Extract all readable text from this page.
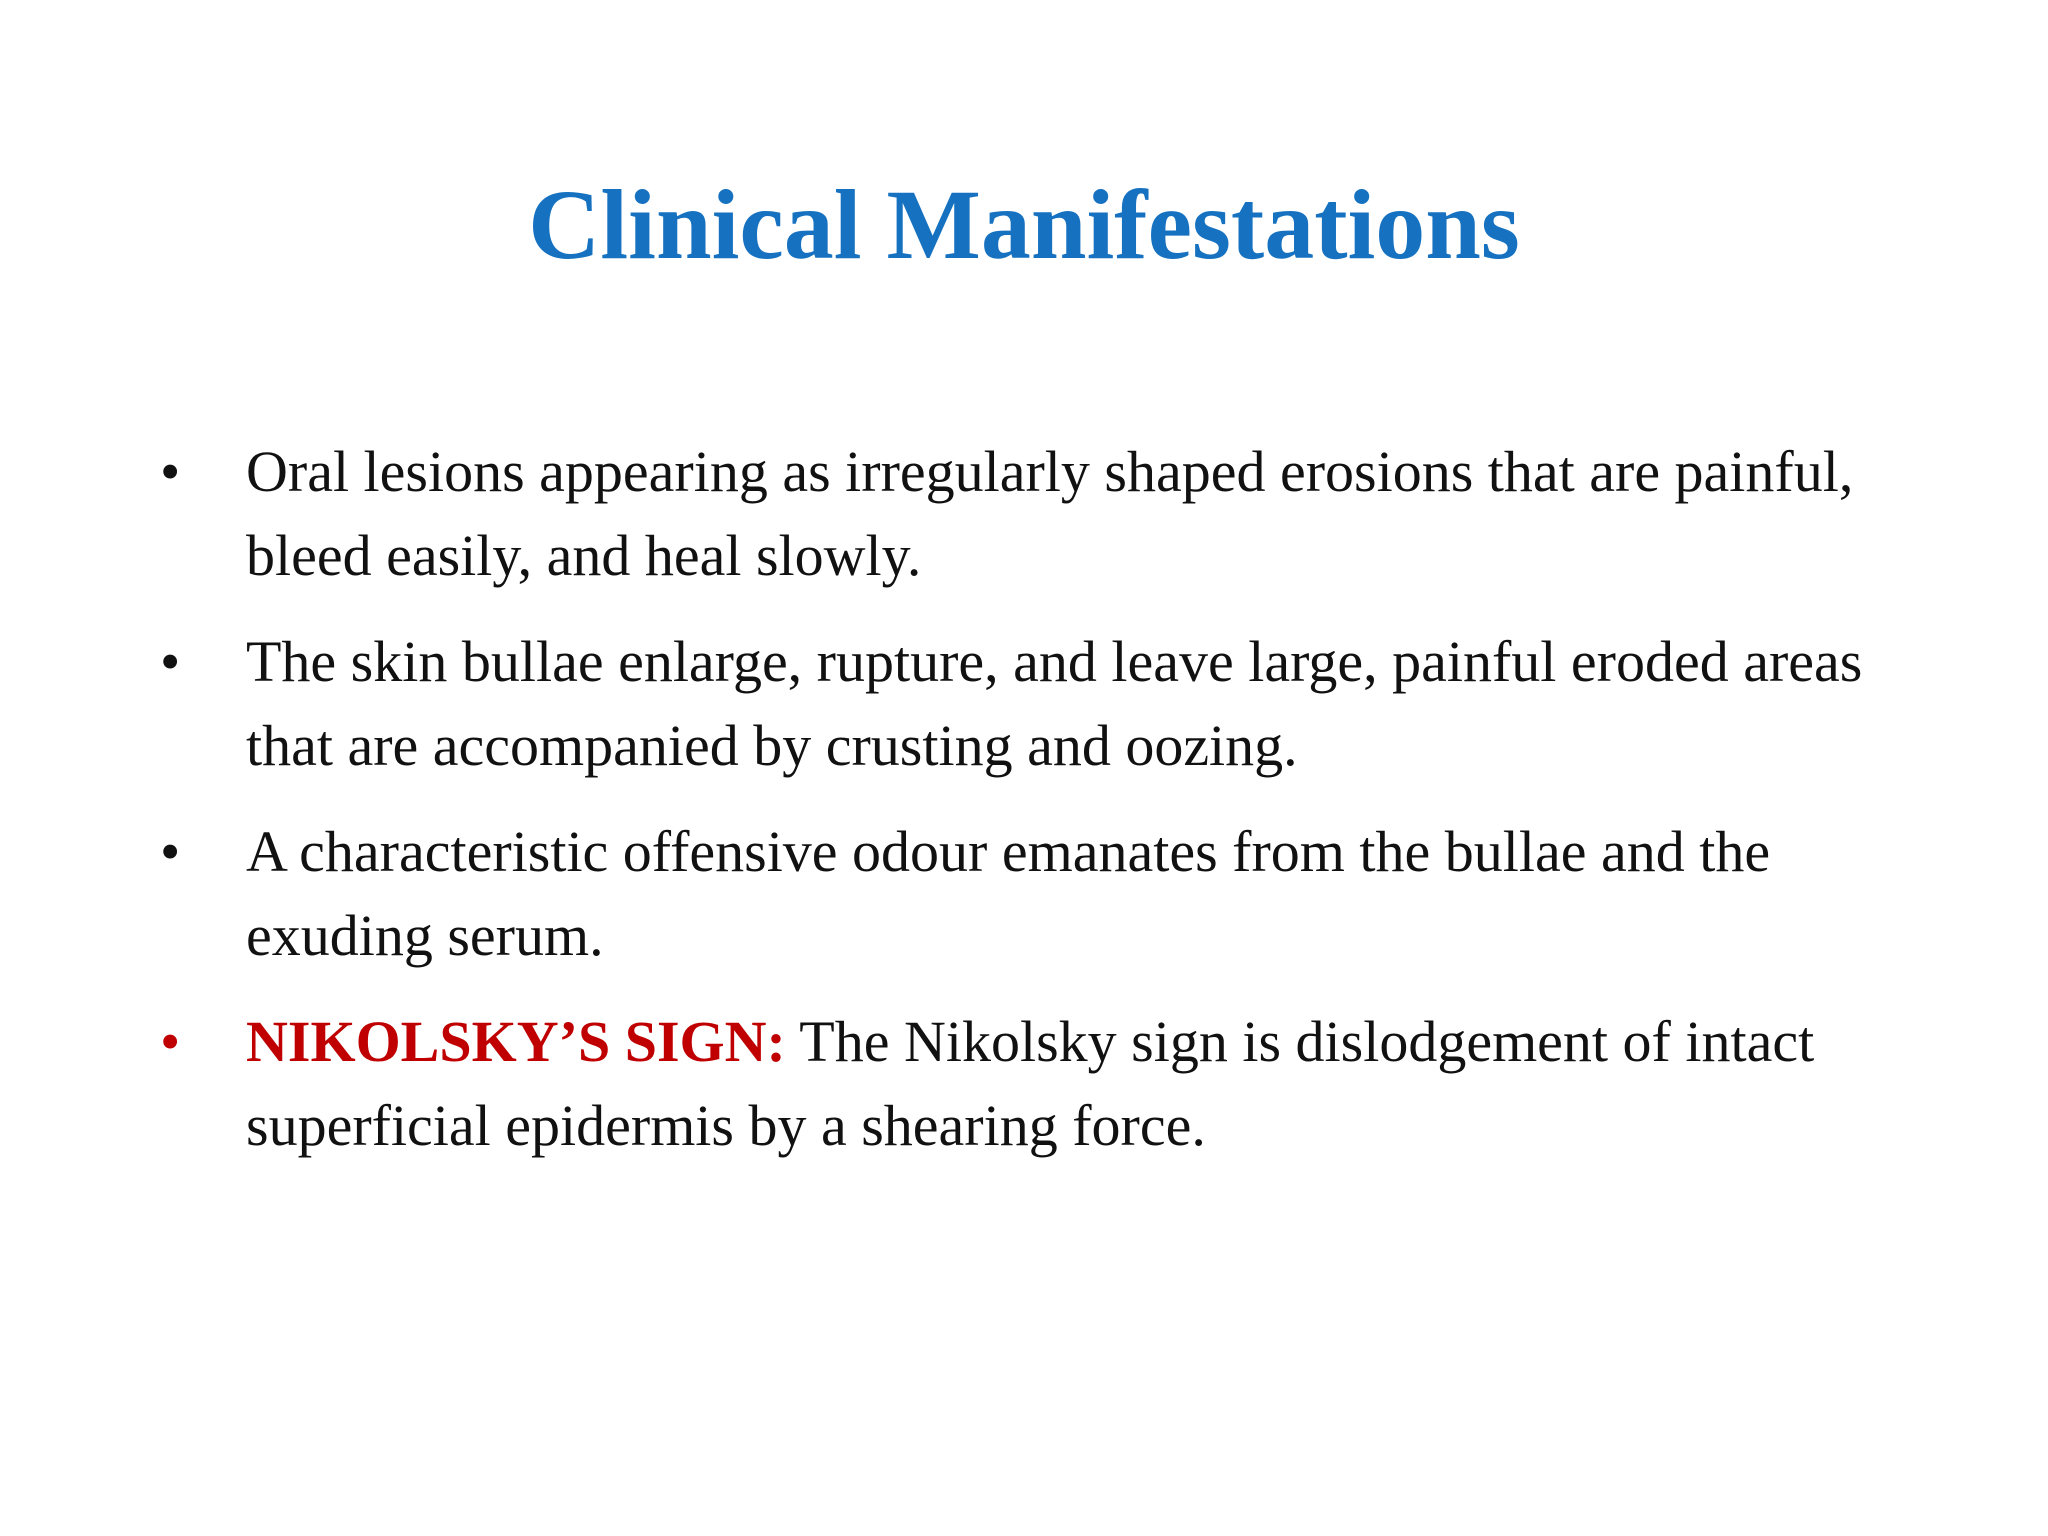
Clinical Manifestations
•	Oral lesions appearing as irregularly shaped erosions that are painful, bleed easily, and heal slowly.
•	The skin bullae enlarge, rupture, and leave large, painful eroded areas that are accompanied by crusting and oozing.
•	A characteristic offensive odour emanates from the bullae and the exuding serum.
•	NIKOLSKY’S SIGN: The Nikolsky sign is dislodgement of intact superficial epidermis by a shearing force.
